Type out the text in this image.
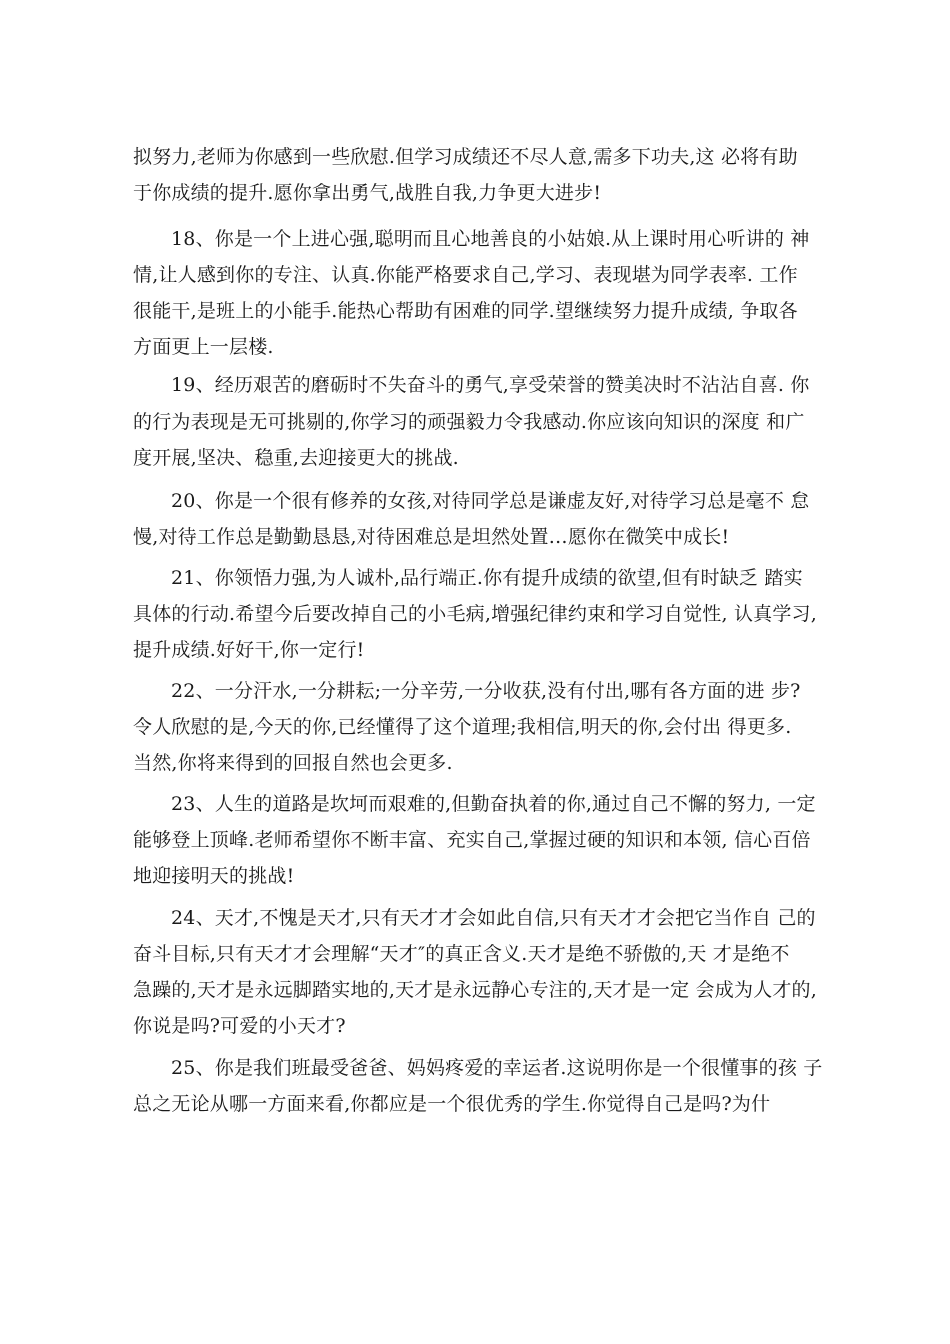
拟努力,老师为你感到一些欣慰.但学习成绩还不尽人意,需多下功夫,这 必将有助
于你成绩的提升.愿你拿出勇气,战胜自我,力争更大进步!
18、你是一个上进心强,聪明而且心地善良的小姑娘.从上课时用心听讲的 神
情,让人感到你的专注、认真.你能严格要求自己,学习、表现堪为同学表率. 工作
很能干,是班上的小能手.能热心帮助有困难的同学.望继续努力提升成绩, 争取各
方面更上一层楼.
19、经历艰苦的磨砺时不失奋斗的勇气,享受荣誉的赞美决时不沾沾自喜. 你
的行为表现是无可挑剔的,你学习的顽强毅力令我感动.你应该向知识的深度 和广
度开展,坚决、稳重,去迎接更大的挑战.
20、你是一个很有修养的女孩,对待同学总是谦虚友好,对待学习总是毫不 怠
慢,对待工作总是勤勤恳恳,对待困难总是坦然处置…愿你在微笑中成长!
21、你领悟力强,为人诚朴,品行端正.你有提升成绩的欲望,但有时缺乏 踏实
具体的行动.希望今后要改掉自己的小毛病,增强纪律约束和学习自觉性, 认真学习,
提升成绩.好好干,你一定行!
22、一分汗水,一分耕耘;一分辛劳,一分收获,没有付出,哪有各方面的进 步?
令人欣慰的是,今天的你,已经懂得了这个道理;我相信,明天的你,会付出 得更多.
当然,你将来得到的回报自然也会更多.
23、人生的道路是坎坷而艰难的,但勤奋执着的你,通过自己不懈的努力, 一定
能够登上顶峰.老师希望你不断丰富、充实自己,掌握过硬的知识和本领, 信心百倍
地迎接明天的挑战!
24、天才,不愧是天才,只有天才才会如此自信,只有天才才会把它当作自 己的
奋斗目标,只有天才才会理解“天才″的真正含义.天才是绝不骄傲的,天 才是绝不
急躁的,天才是永远脚踏实地的,天才是永远静心专注的,天才是一定 会成为人才的,
你说是吗?可爱的小天才?
25、你是我们班最受爸爸、妈妈疼爱的幸运者.这说明你是一个很懂事的孩 子
总之无论从哪一方面来看,你都应是一个很优秀的学生.你觉得自己是吗?为什
